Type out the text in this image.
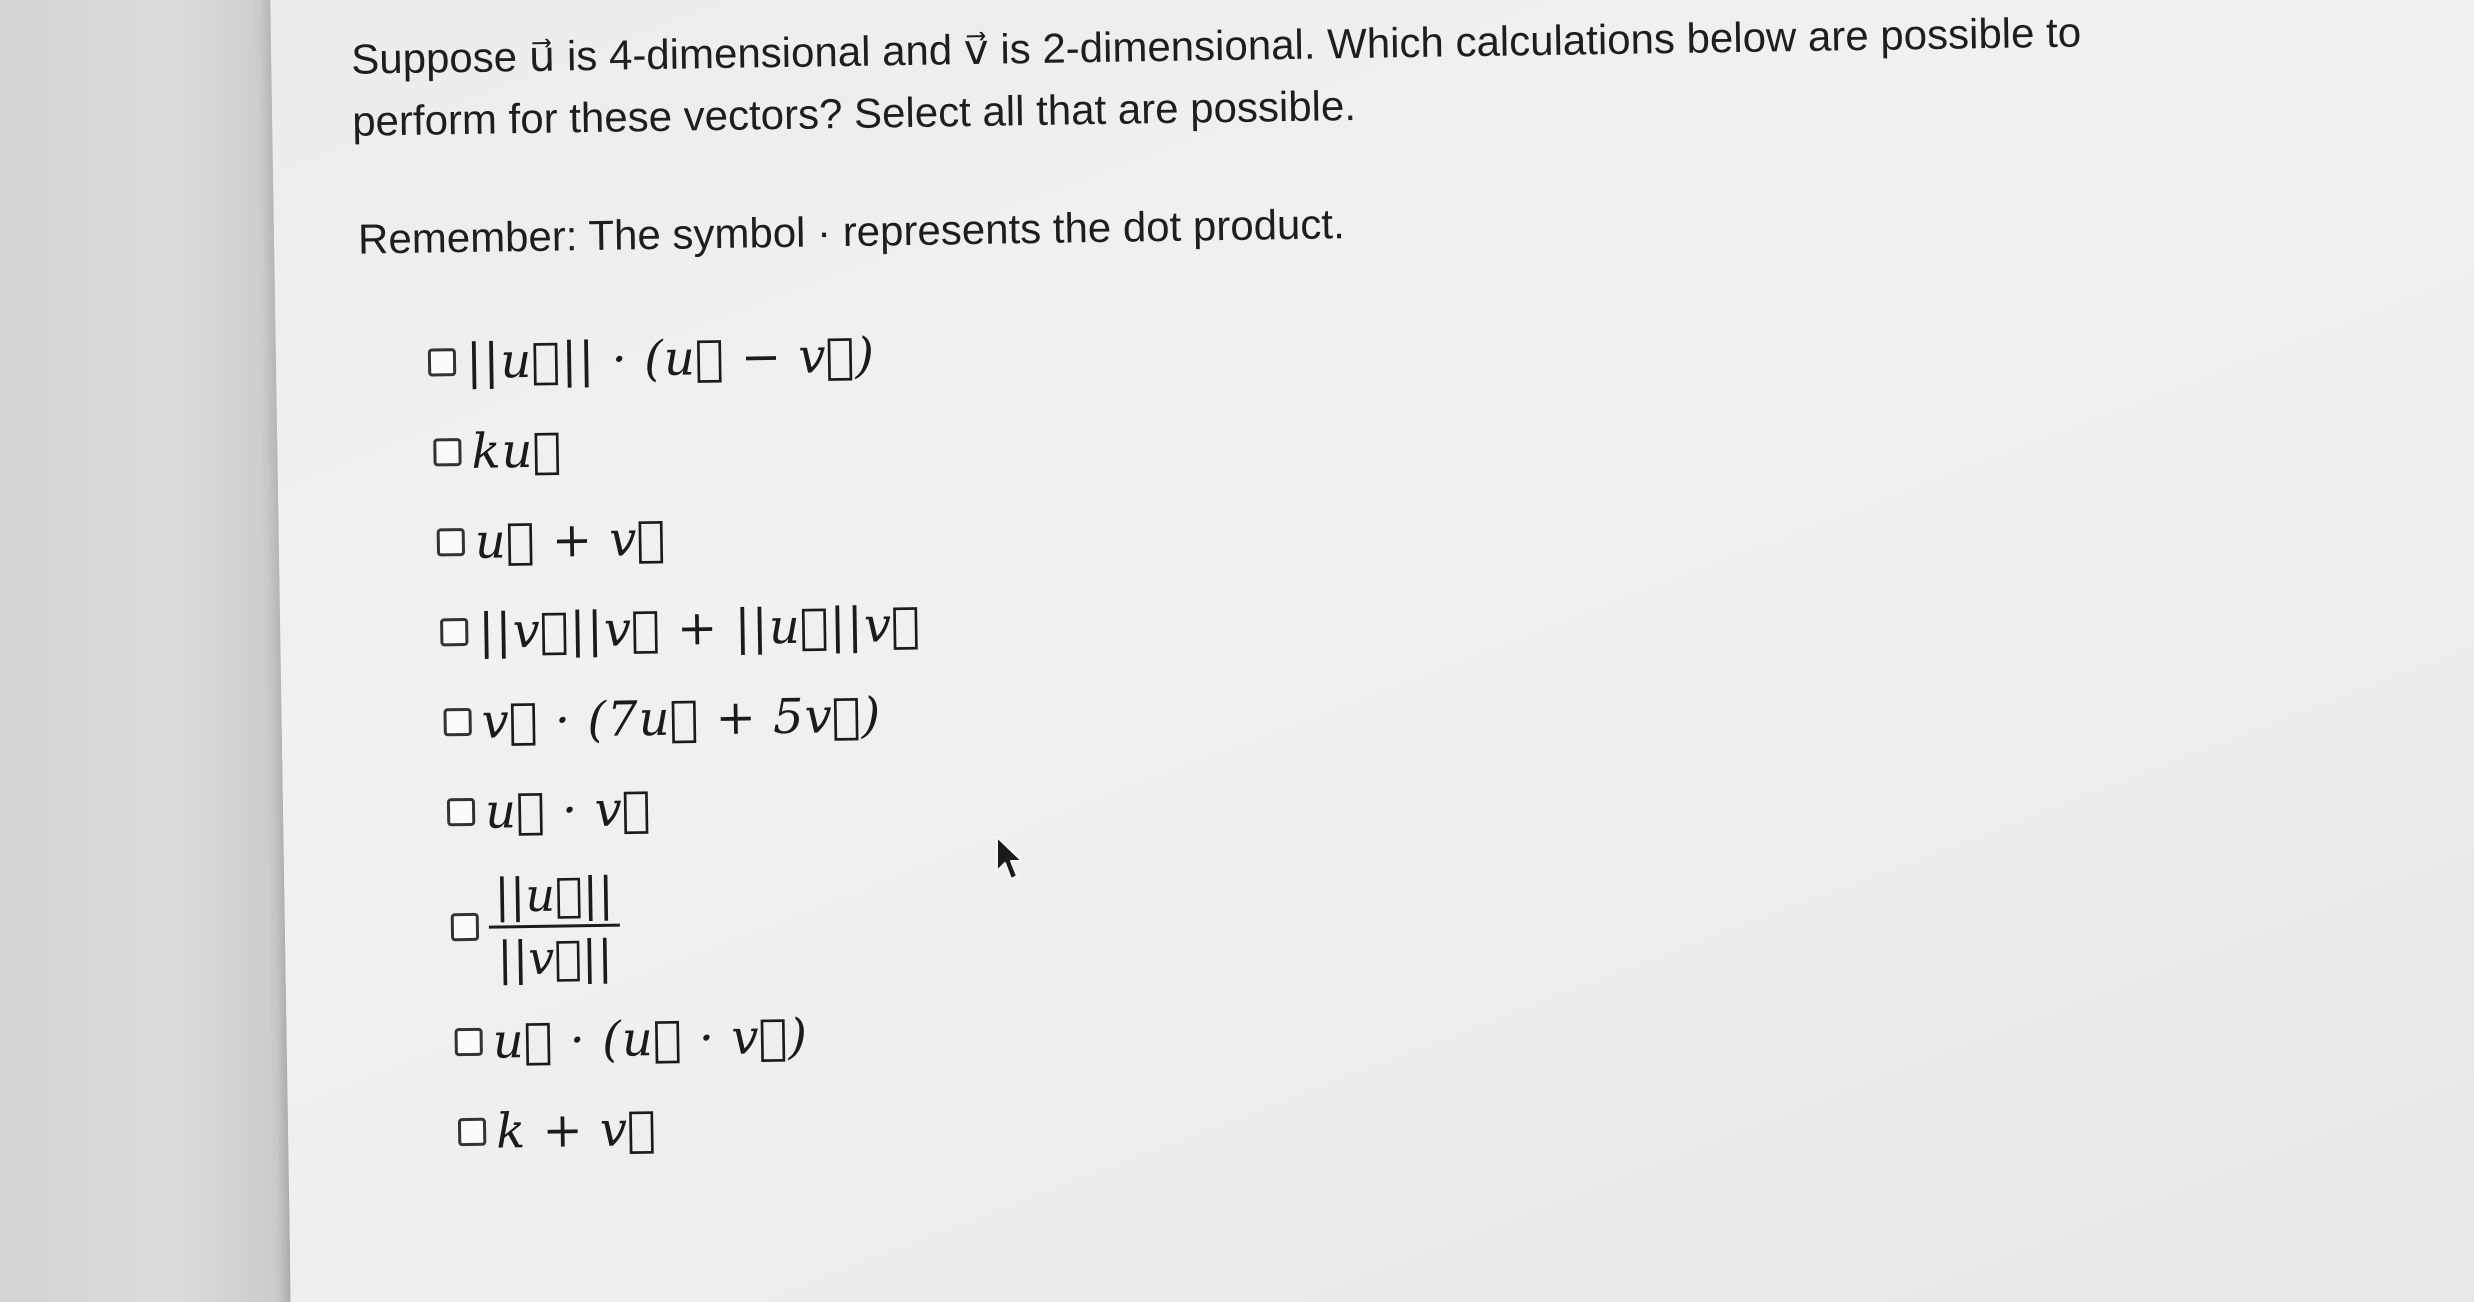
Suppose u⃗ is 4-dimensional and v⃗ is 2-dimensional. Which calculations below are possible to

perform for these vectors? Select all that are possible.

Remember: The symbol · represents the dot product.

||u⃗|| · (u⃗ − v⃗)
ku⃗
u⃗ + v⃗
||v⃗||v⃗ + ||u⃗||v⃗
v⃗ · (7u⃗ + 5v⃗)
u⃗ · v⃗
$\frac{||u⃗||}{||v⃗||}$
u⃗ · (u⃗ · v⃗)
k + v⃗
